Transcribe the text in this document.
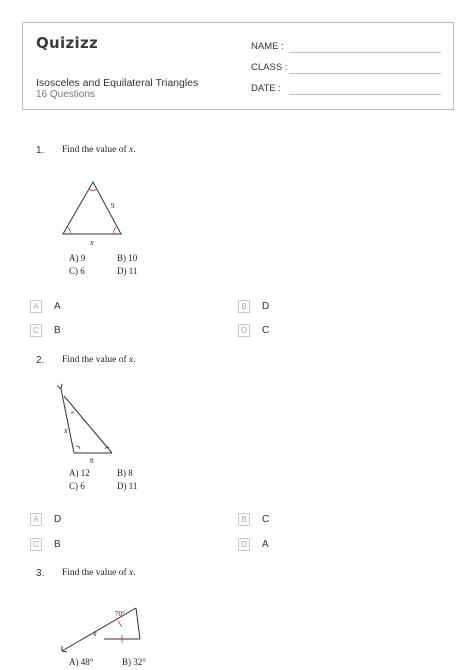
Quizizz
Isosceles and Equilateral Triangles
16 Questions
NAME :
CLASS :
DATE :
1. Find the value of x.
9
x
A) 9	B) 10
C) 6	D) 11
A	A	B	D
C	B	D	C
2. Find the value of x.
x
8
A) 12	B) 8
C) 6	D) 11
A	D	B	C
C	B	D	A
3. Find the value of x.
70°
x
A) 48°	B) 32°
